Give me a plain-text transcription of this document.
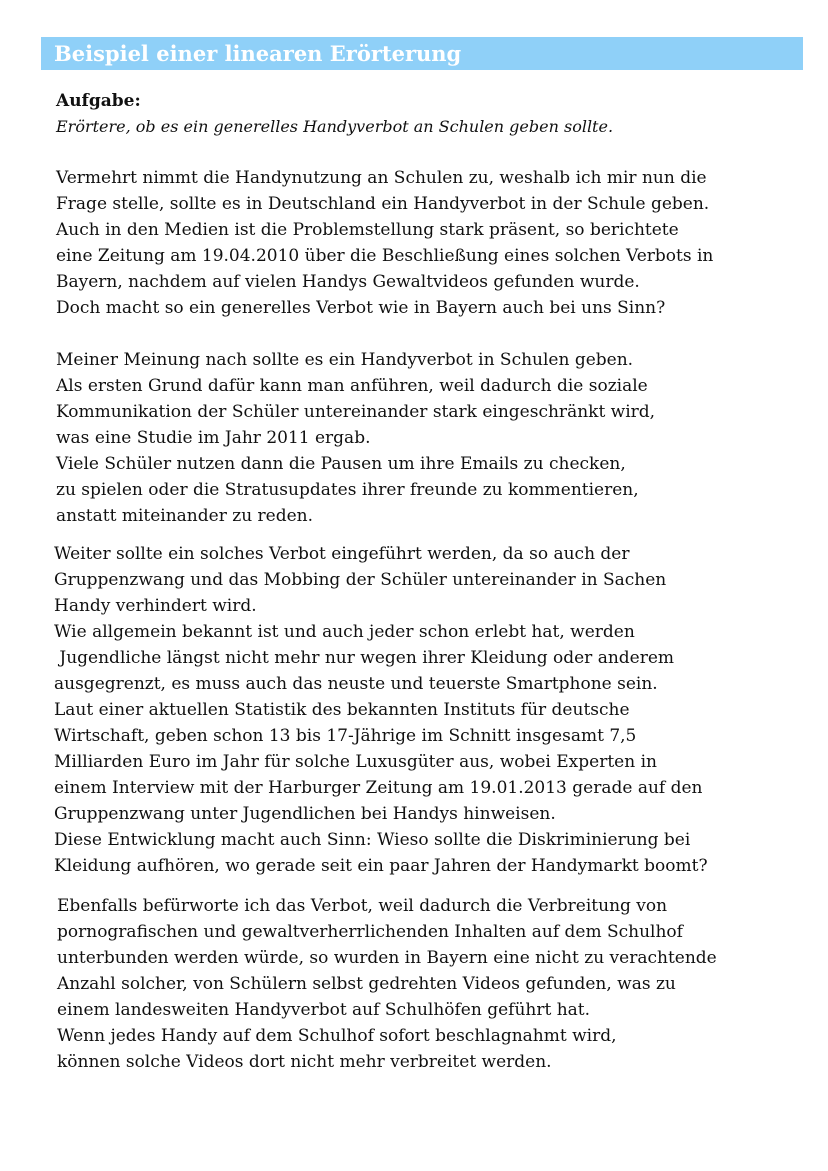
Beispiel einer linearen Erörterung
Aufgabe:
Erörtere, ob es ein generelles Handyverbot an Schulen geben sollte.
Vermehrt nimmt die Handynutzung an Schulen zu, weshalb ich mir nun die
Frage stelle, sollte es in Deutschland ein Handyverbot in der Schule geben.
Auch in den Medien ist die Problemstellung stark präsent, so berichtete
eine Zeitung am 19.04.2010 über die Beschließung eines solchen Verbots in
Bayern, nachdem auf vielen Handys Gewaltvideos gefunden wurde.
Doch macht so ein generelles Verbot wie in Bayern auch bei uns Sinn?
Meiner Meinung nach sollte es ein Handyverbot in Schulen geben.
Als ersten Grund dafür kann man anführen, weil dadurch die soziale
Kommunikation der Schüler untereinander stark eingeschränkt wird,
was eine Studie im Jahr 2011 ergab.
Viele Schüler nutzen dann die Pausen um ihre Emails zu checken,
zu spielen oder die Stratusupdates ihrer freunde zu kommentieren,
anstatt miteinander zu reden.
Weiter sollte ein solches Verbot eingeführt werden, da so auch der
Gruppenzwang und das Mobbing der Schüler untereinander in Sachen
Handy verhindert wird.
Wie allgemein bekannt ist und auch jeder schon erlebt hat, werden
Jugendliche längst nicht mehr nur wegen ihrer Kleidung oder anderem
ausgegrenzt, es muss auch das neuste und teuerste Smartphone sein.
Laut einer aktuellen Statistik des bekannten Instituts für deutsche
Wirtschaft, geben schon 13 bis 17-Jährige im Schnitt insgesamt 7,5
Milliarden Euro im Jahr für solche Luxusgüter aus, wobei Experten in
einem Interview mit der Harburger Zeitung am 19.01.2013 gerade auf den
Gruppenzwang unter Jugendlichen bei Handys hinweisen.
Diese Entwicklung macht auch Sinn: Wieso sollte die Diskriminierung bei
Kleidung aufhören, wo gerade seit ein paar Jahren der Handymarkt boomt?
Ebenfalls befürworte ich das Verbot, weil dadurch die Verbreitung von
pornografischen und gewaltverherrlichenden Inhalten auf dem Schulhof
unterbunden werden würde, so wurden in Bayern eine nicht zu verachtende
Anzahl solcher, von Schülern selbst gedrehten Videos gefunden, was zu
einem landesweiten Handyverbot auf Schulhöfen geführt hat.
Wenn jedes Handy auf dem Schulhof sofort beschlagnahmt wird,
können solche Videos dort nicht mehr verbreitet werden.
